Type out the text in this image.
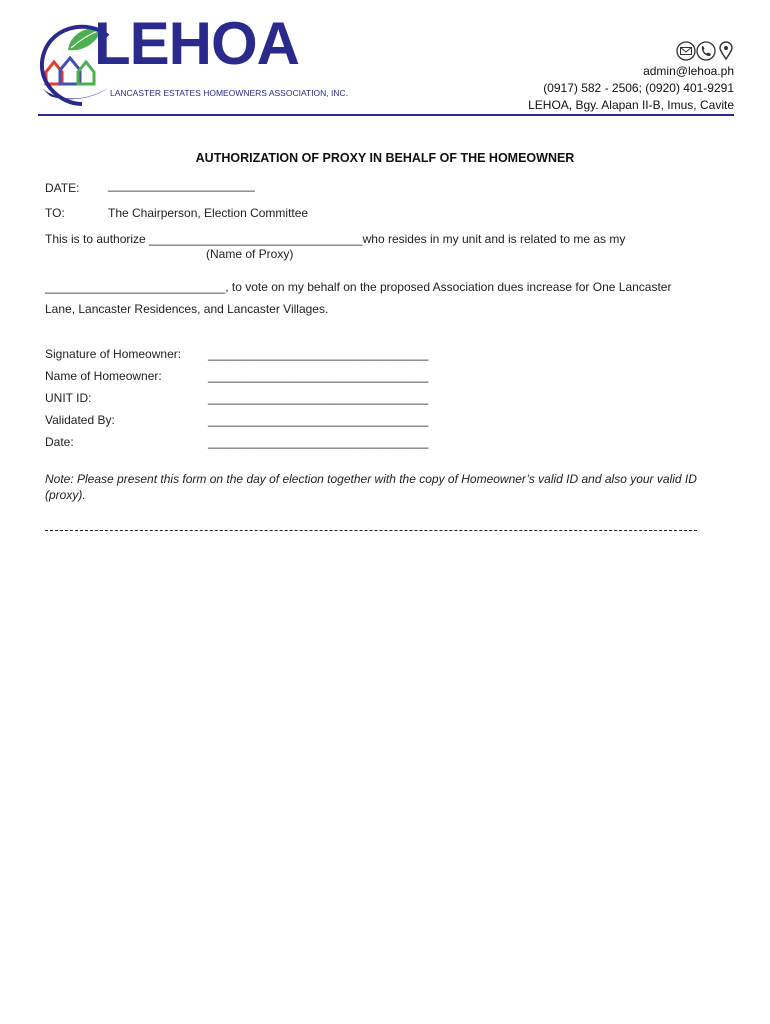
LEHOA
LANCASTER ESTATES HOMEOWNERS ASSOCIATION, INC.
admin@lehoa.ph
(0917) 582 - 2506; (0920) 401-9291
LEHOA, Bgy. Alapan II-B, Imus, Cavite
AUTHORIZATION OF PROXY IN BEHALF OF THE HOMEOWNER
DATE: ______________________
TO:	The Chairperson, Election Committee
This is to authorize ________________________________who resides in my unit and is related to me as my
(Name of Proxy)
___________________________, to vote on my behalf on the proposed Association dues increase for One Lancaster
Lane, Lancaster Residences, and Lancaster Villages.
Signature of Homeowner: _________________________________
Name of Homeowner:	_________________________________
UNIT ID:	_________________________________
Validated By:	_________________________________
Date:	_________________________________
Note: Please present this form on the day of election together with the copy of Homeowner’s valid ID and also your valid ID (proxy).
